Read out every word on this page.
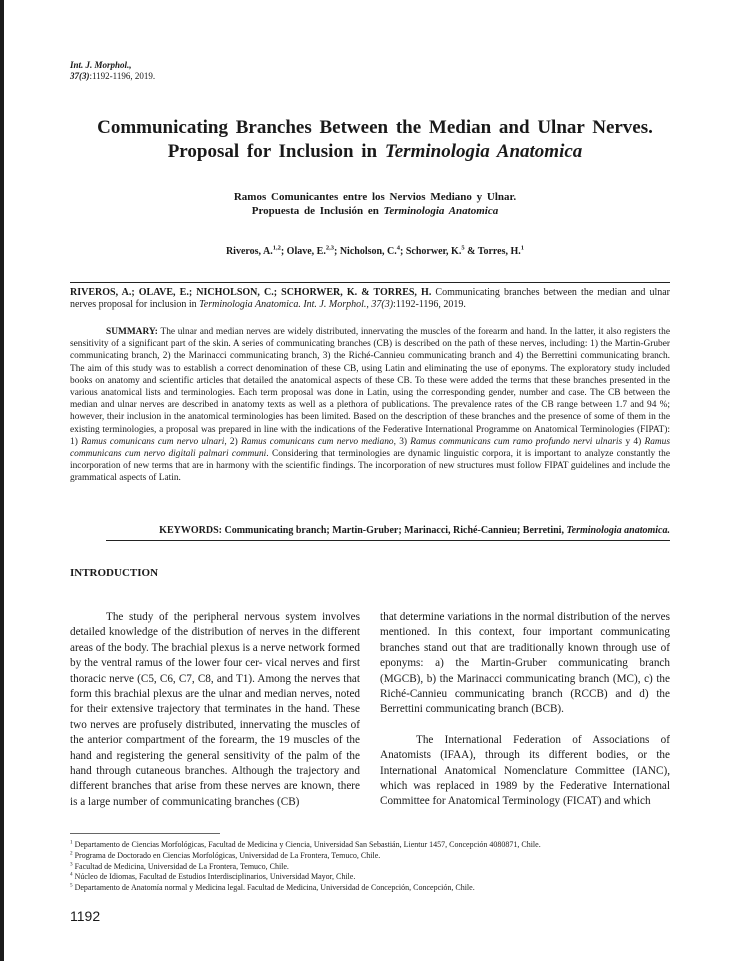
Int. J. Morphol.,
37(3):1192-1196, 2019.
Communicating Branches Between the Median and Ulnar Nerves.
Proposal for Inclusion in Terminologia Anatomica
Ramos Comunicantes entre los Nervios Mediano y Ulnar.
Propuesta de Inclusión en Terminologia Anatomica
Riveros, A.$^{1,2}$; Olave, E.$^{2,3}$; Nicholson, C.$^4$; Schorwer, K.$^5$ & Torres, H.$^1$
RIVEROS, A.; OLAVE, E.; NICHOLSON, C.; SCHORWER, K. & TORRES, H. Communicating branches between the median and ulnar nerves proposal for inclusion in Terminologia Anatomica. Int. J. Morphol., 37(3):1192-1196, 2019.

SUMMARY: The ulnar and median nerves are widely distributed, innervating the muscles of the forearm and hand. In the latter, it also registers the sensitivity of a significant part of the skin. A series of communicating branches (CB) is described on the path of these nerves, including: 1) the Martin-Gruber communicating branch, 2) the Marinacci communicating branch, 3) the Riché-Cannieu communicating branch and 4) the Berrettini communicating branch. The aim of this study was to establish a correct denomination of these CB, using Latin and eliminating the use of eponyms. The exploratory study included books on anatomy and scientific articles that detailed the anatomical aspects of these CB. To these were added the terms that these branches presented in the various anatomical lists and terminologies. Each term proposal was done in Latin, using the corresponding gender, number and case. The CB between the median and ulnar nerves are described in anatomy texts as well as a plethora of publications. The prevalence rates of the CB range between 1.7 and 94 %; however, their inclusion in the anatomical terminologies has been limited. Based on the description of these branches and the presence of some of them in the existing terminologies, a proposal was prepared in line with the indications of the Federative International Programme on Anatomical Terminologies (FIPAT): 1) Ramus comunicans cum nervo ulnari, 2) Ramus comunicans cum nervo mediano, 3) Ramus communicans cum ramo profundo nervi ulnaris y 4) Ramus communicans cum nervo digitali palmari communi. Considering that terminologies are dynamic linguistic corpora, it is important to analyze constantly the incorporation of new terms that are in harmony with the scientific findings. The incorporation of new structures must follow FIPAT guidelines and include the grammatical aspects of Latin.

KEYWORDS: Communicating branch; Martin-Gruber; Marinacci, Riché-Cannieu; Berretini, Terminologia anatomica.
INTRODUCTION

The study of the peripheral nervous system involves detailed knowledge of the distribution of nerves in the different areas of the body. The brachial plexus is a nerve network formed by the ventral ramus of the lower four cer- vical nerves and first thoracic nerve (C5, C6, C7, C8, and T1). Among the nerves that form this brachial plexus are the ulnar and median nerves, noted for their extensive trajectory that terminates in the hand. These two nerves are profusely distributed, innervating the muscles of the anterior compartment of the forearm, the 19 muscles of the hand and registering the general sensitivity of the palm of the hand through cutaneous branches. Although the trajectory and different branches that arise from these nerves are known, there is a large number of communicating branches (CB)

that determine variations in the normal distribution of the nerves mentioned. In this context, four important communicating branches stand out that are traditionally known through use of eponyms: a) the Martin-Gruber communicating branch (MGCB), b) the Marinacci communicating branch (MC), c) the Riché-Cannieu communicating branch (RCCB) and d) the Berrettini communicating branch (BCB).

The International Federation of Associations of Anatomists (IFAA), through its different bodies, or the International Anatomical Nomenclature Committee (IANC), which was replaced in 1989 by the Federative International Committee for Anatomical Terminology (FICAT) and which

$^1$ Departamento de Ciencias Morfológicas, Facultad de Medicina y Ciencia, Universidad San Sebastián, Lientur 1457, Concepción 4080871, Chile.
$^2$ Programa de Doctorado en Ciencias Morfológicas, Universidad de La Frontera, Temuco, Chile.
$^3$ Facultad de Medicina, Universidad de La Frontera, Temuco, Chile.
$^4$ Núcleo de Idiomas, Facultad de Estudios Interdisciplinarios, Universidad Mayor, Chile.
$^5$ Departamento de Anatomía normal y Medicina legal. Facultad de Medicina, Universidad de Concepción, Concepción, Chile.
1192
